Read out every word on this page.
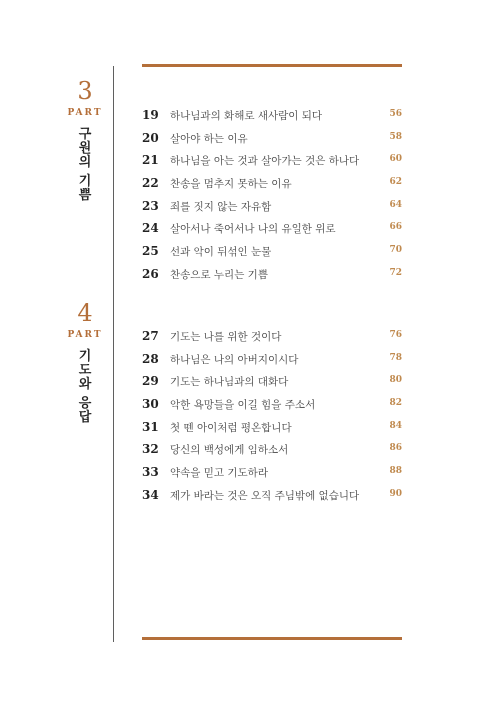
3
PART
구
원
의
기
쁨
19 하나님과의 화해로 새사람이 되다	56
20 살아야 하는 이유	58
21 하나님을 아는 것과 살아가는 것은 하나다	60
22 찬송을 멈추지 못하는 이유	62
23 죄를 짓지 않는 자유함	64
24 살아서나 죽어서나 나의 유일한 위로	66
25 선과 악이 뒤섞인 눈물	70
26 찬송으로 누리는 기쁨	72
4
PART
기
도
와
응
답
27 기도는 나를 위한 것이다	76
28 하나님은 나의 아버지이시다	78
29 기도는 하나님과의 대화다	80
30 악한 욕망들을 이길 힘을 주소서	82
31 첫 뗀 아이처럼 평온합니다	84
32 당신의 백성에게 임하소서	86
33 약속을 믿고 기도하라	88
34 제가 바라는 것은 오직 주님밖에 없습니다	90
